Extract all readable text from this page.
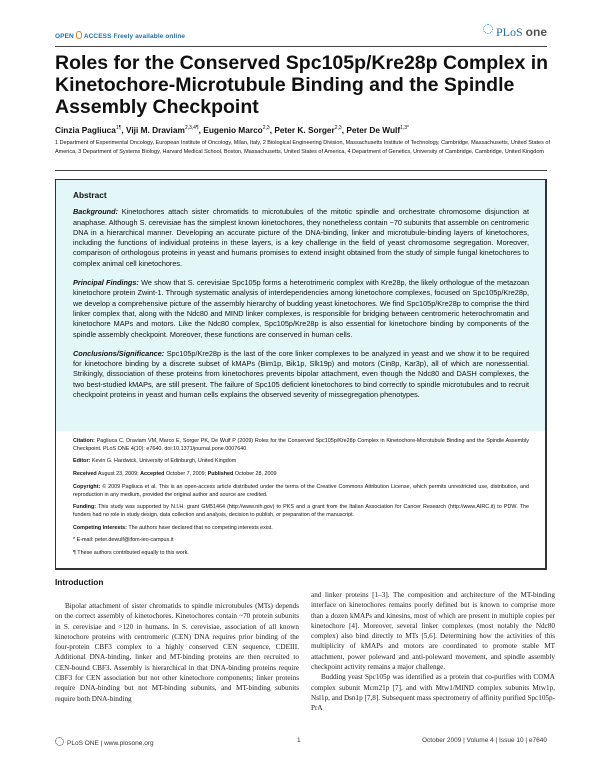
OPEN ACCESS Freely available online	PLoS one
Roles for the Conserved Spc105p/Kre28p Complex in Kinetochore-Microtubule Binding and the Spindle Assembly Checkpoint
Cinzia Pagliuca$^{1\P}$, Viji M. Draviam$^{2,3,4\P}$, Eugenio Marco$^{2,3}$, Peter K. Sorger$^{2,3}$, Peter De Wulf$^{1,3*}$
1 Department of Experimental Oncology, European Institute of Oncology, Milan, Italy, 2 Biological Engineering Division, Massachusetts Institute of Technology, Cambridge, Massachusetts, United States of America, 3 Department of Systems Biology, Harvard Medical School, Boston, Massachusetts, United States of America, 4 Department of Genetics, University of Cambridge, Cambridge, United Kingdom
Abstract

Background: Kinetochores attach sister chromatids to microtubules of the mitotic spindle and orchestrate chromosome disjunction at anaphase. Although S. cerevisiae has the simplest known kinetochores, they nonetheless contain ~70 subunits that assemble on centromeric DNA in a hierarchical manner. Developing an accurate picture of the DNA-binding, linker and microtubule-binding layers of kinetochores, including the functions of individual proteins in these layers, is a key challenge in the field of yeast chromosome segregation. Moreover, comparison of orthologous proteins in yeast and humans promises to extend insight obtained from the study of simple fungal kinetochores to complex animal cell kinetochores.

Principal Findings: We show that S. cerevisiae Spc105p forms a heterotrimeric complex with Kre28p, the likely orthologue of the metazoan kinetochore protein Zwint-1. Through systematic analysis of interdependencies among kinetochore complexes, focused on Spc105p/Kre28p, we develop a comprehensive picture of the assembly hierarchy of budding yeast kinetochores. We find Spc105p/Kre28p to comprise the third linker complex that, along with the Ndc80 and MIND linker complexes, is responsible for bridging between centromeric heterochromatin and kinetochore MAPs and motors. Like the Ndc80 complex, Spc105p/Kre28p is also essential for kinetochore binding by components of the spindle assembly checkpoint. Moreover, these functions are conserved in human cells.

Conclusions/Significance: Spc105p/Kre28p is the last of the core linker complexes to be analyzed in yeast and we show it to be required for kinetochore binding by a discrete subset of kMAPs (Bim1p, Bik1p, Slk19p) and motors (Cin8p, Kar3p), all of which are nonessential. Strikingly, dissociation of these proteins from kinetochores prevents bipolar attachment, even though the Ndc80 and DASH complexes, the two best-studied kMAPs, are still present. The failure of Spc105 deficient kinetochores to bind correctly to spindle microtubules and to recruit checkpoint proteins in yeast and human cells explains the observed severity of missegregation phenotypes.

Citation: Pagliuca C, Draviam VM, Marco E, Sorger PK, De Wulf P (2009) Roles for the Conserved Spc105p/Kre28p Complex in Kinetochore-Microtubule Binding and the Spindle Assembly Checkpoint. PLoS ONE 4(10): e7640. doi:10.1371/journal.pone.0007640

Editor: Kevin G. Hardwick, University of Edinburgh, United Kingdom

Received August 23, 2009; Accepted October 7, 2009; Published October 28, 2009

Copyright: © 2009 Pagliuca et al. This is an open-access article distributed under the terms of the Creative Commons Attribution License, which permits unrestricted use, distribution, and reproduction in any medium, provided the original author and source are credited.

Funding: This study was supported by N.I.H. grant GM51464 (http://www.nih.gov) to PKS and a grant from the Italian Association for Cancer Research (http://www.AIRC.it) to PDW. The funders had no role in study design, data collection and analysis, decision to publish, or preparation of the manuscript.

Competing Interests: The authors have declared that no competing interests exist.

* E-mail: peter.dewulf@ifom-ieo-campus.it

¶ These authors contributed equally to this work.

Introduction

Bipolar attachment of sister chromatids to spindle microtubules (MTs) depends on the correct assembly of kinetochores. Kinetochores contain ~70 protein subunits in S. cerevisiae and >120 in humans. In S. cerevisiae, association of all known kinetochore proteins with centromeric (CEN) DNA requires prior binding of the four-protein CBF3 complex to a highly conserved CEN sequence, CDEIII. Additional DNA-binding, linker and MT-binding proteins are then recruited to CEN-bound CBF3. Assembly is hierarchical in that DNA-binding proteins require CBF3 for CEN association but not other kinetochore components; linker proteins require DNA-binding but not MT-binding subunits, and MT-binding subunits require both DNA-binding

and linker proteins [1–3]. The composition and architecture of the MT-binding interface on kinetochores remains poorly defined but is known to comprise more than a dozen kMAPs and kinesins, most of which are present in multiple copies per kinetochore [4]. Moreover, several linker complexes (most notably the Ndc80 complex) also bind directly to MTs [5,6]. Determining how the activities of this multiplicity of kMAPs and motors are coordinated to promote stable MT attachment, power poleward and anti-poleward movement, and spindle assembly checkpoint activity remains a major challenge.

Budding yeast Spc105p was identified as a protein that co-purifies with COMA complex subunit Mcm21p [7], and with Mtw1/MIND complex subunits Mtw1p, Nsl1p, and Dsn1p [7,8]. Subsequent mass spectrometry of affinity purified Spc105p-PrA

PLoS ONE | www.plosone.org	1	October 2009 | Volume 4 | Issue 10 | e7640
